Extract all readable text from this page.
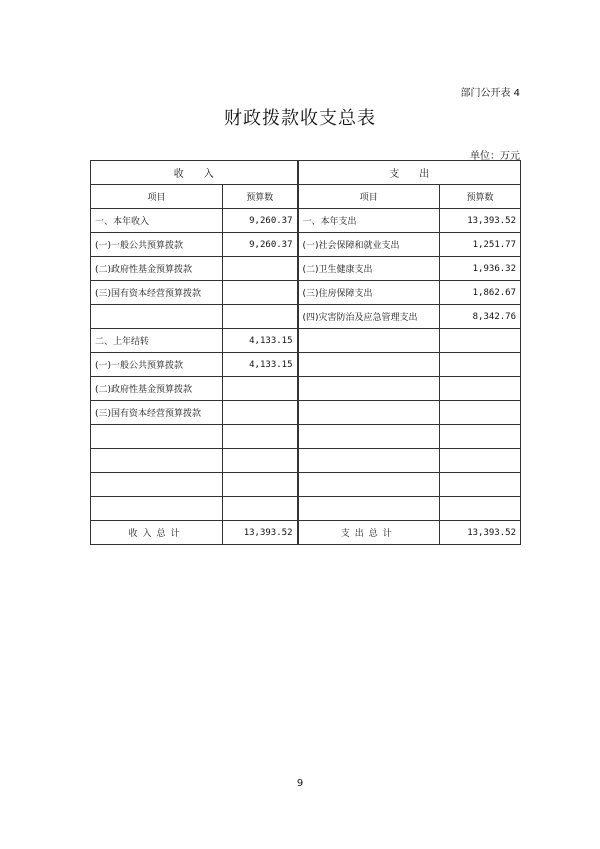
部门公开表 4
财政拨款收支总表
单位：万元
收　　入		支　　出	
项目	预算数	项目	预算数
一、本年收入	9,260.37	一、本年支出	13,393.52
(一)一般公共预算拨款	9,260.37	(一)社会保障和就业支出	1,251.77
(二)政府性基金预算拨款		(二)卫生健康支出	1,936.32
(三)国有资本经营预算拨款		(三)住房保障支出	1,862.67
		(四)灾害防治及应急管理支出	8,342.76
二、上年结转	4,133.15		
(一)一般公共预算拨款	4,133.15		
(二)政府性基金预算拨款			
(三)国有资本经营预算拨款			

收入总计	13,393.52	支出总计	13,393.52
9
